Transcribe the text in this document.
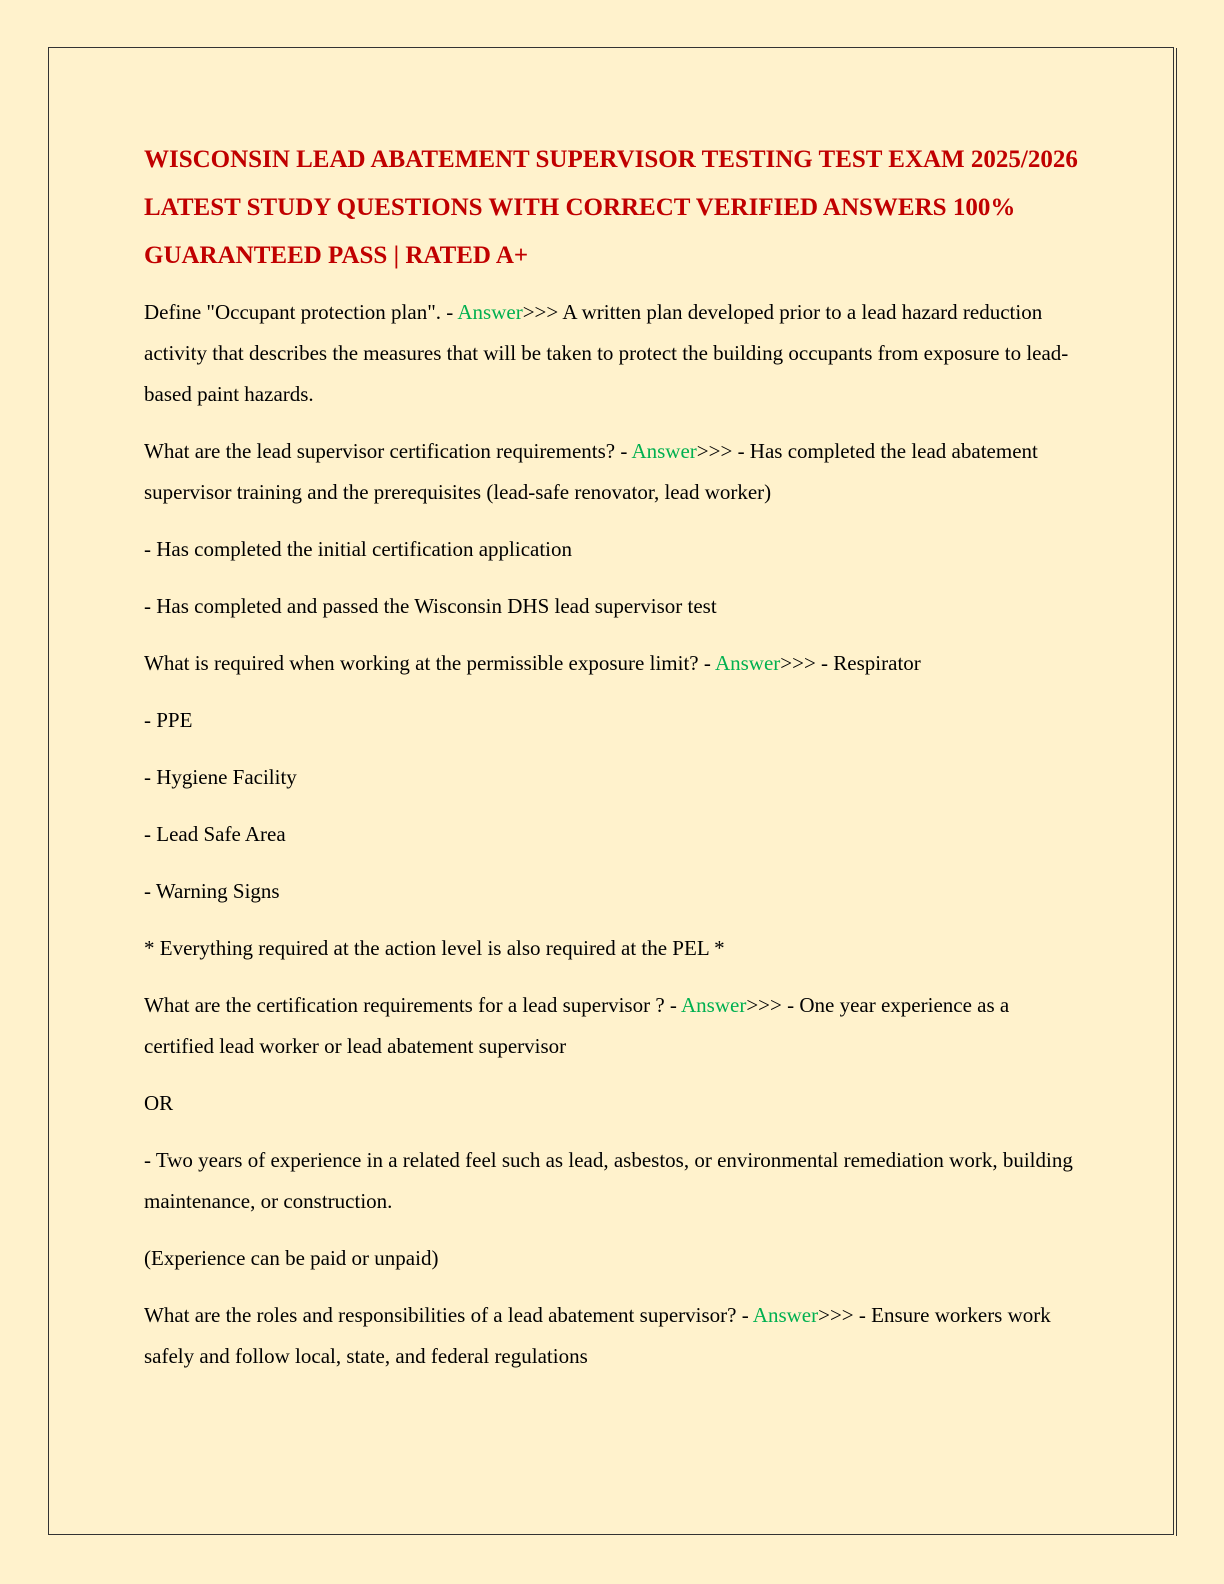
WISCONSIN LEAD ABATEMENT SUPERVISOR TESTING TEST EXAM 2025/2026 LATEST STUDY QUESTIONS WITH CORRECT VERIFIED ANSWERS 100% GUARANTEED PASS | RATED A+
Define "Occupant protection plan". - Answer>>> A written plan developed prior to a lead hazard reduction activity that describes the measures that will be taken to protect the building occupants from exposure to lead-based paint hazards.
What are the lead supervisor certification requirements? - Answer>>> - Has completed the lead abatement supervisor training and the prerequisites (lead-safe renovator, lead worker)
- Has completed the initial certification application
- Has completed and passed the Wisconsin DHS lead supervisor test
What is required when working at the permissible exposure limit? - Answer>>> - Respirator
- PPE
- Hygiene Facility
- Lead Safe Area
- Warning Signs
* Everything required at the action level is also required at the PEL *
What are the certification requirements for a lead supervisor ? - Answer>>> - One year experience as a certified lead worker or lead abatement supervisor
OR
- Two years of experience in a related feel such as lead, asbestos, or environmental remediation work, building maintenance, or construction.
(Experience can be paid or unpaid)
What are the roles and responsibilities of a lead abatement supervisor? - Answer>>> - Ensure workers work safely and follow local, state, and federal regulations
